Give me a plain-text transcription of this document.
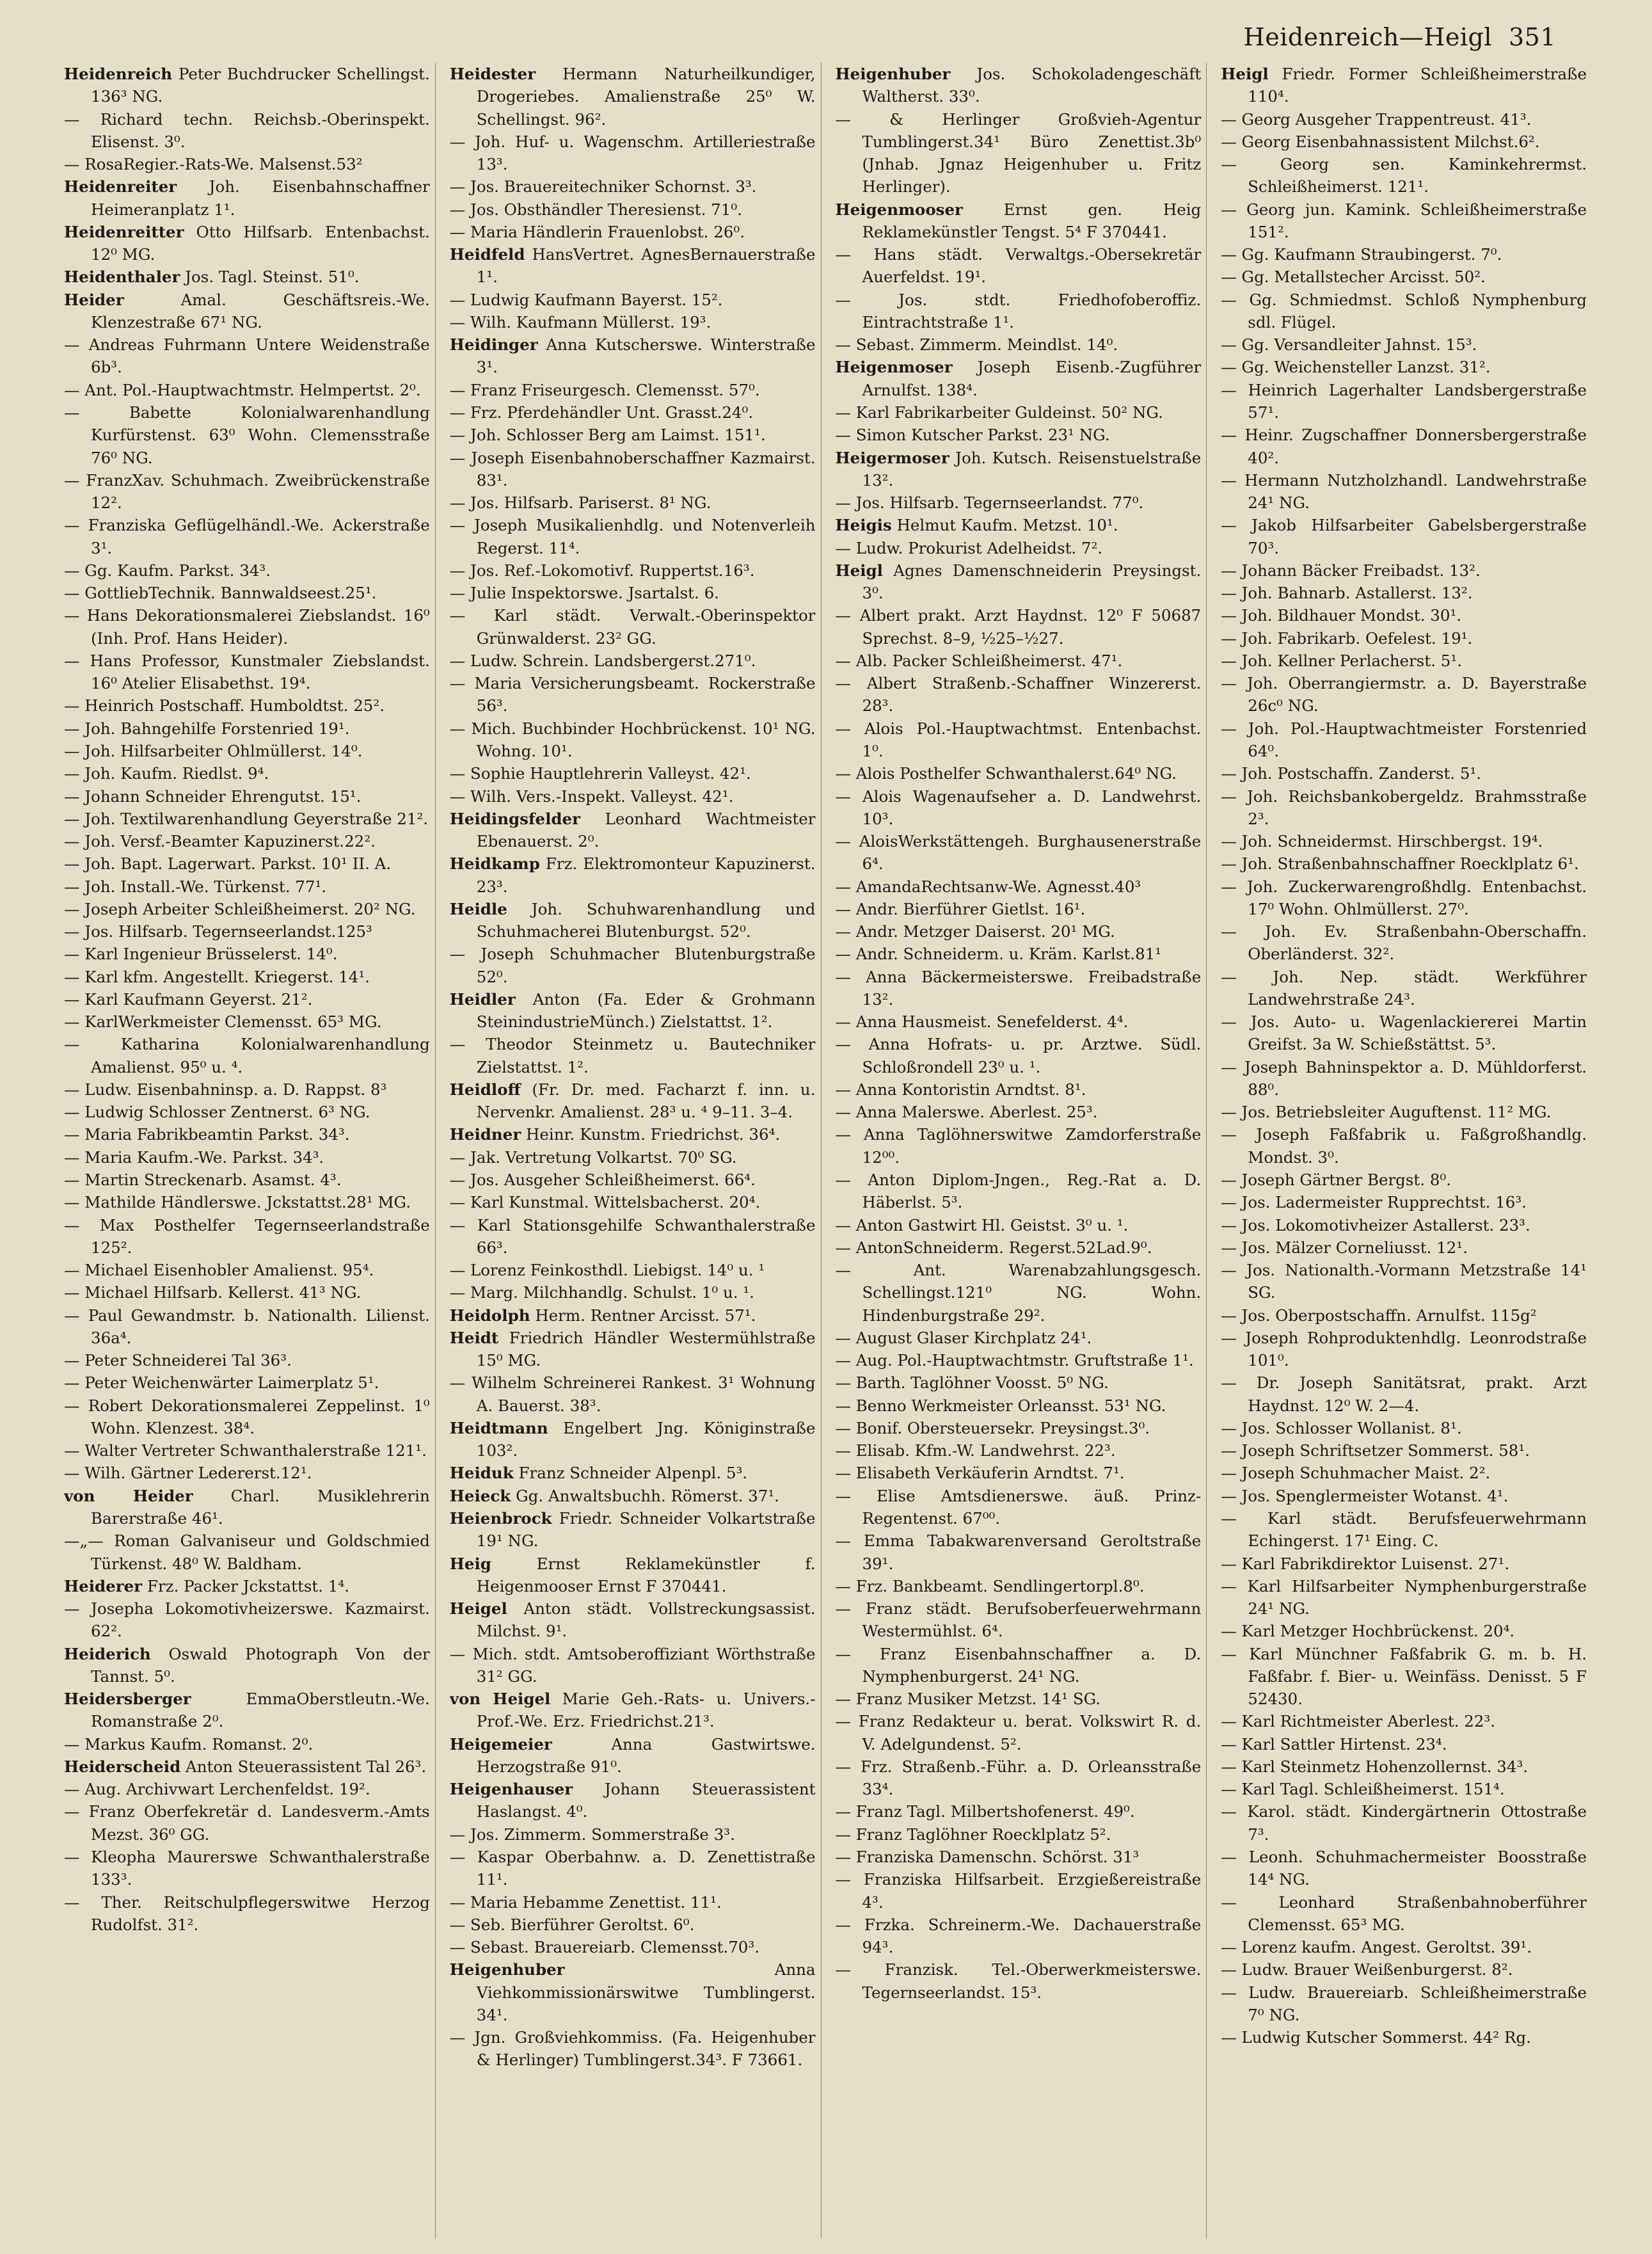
Heidenreich—Heigl 351

Heidenreich Peter Buchdrucker Schellingst. 136³ NG.

— Richard techn. Reichsb.-Oberinspekt. Elisenst. 3⁰.

— RosaRegier.-Rats-We. Malsenst.53²

Heidenreiter Joh. Eisenbahnschaffner Heimeranplatz 1¹.

Heidenreitter Otto Hilfsarb. Entenbachst. 12⁰ MG.

Heidenthaler Jos. Tagl. Steinst. 51⁰.

Heider Amal. Geschäftsreis.-We. Klenzestraße 67¹ NG.

— Andreas Fuhrmann Untere Weidenstraße 6b³.

— Ant. Pol.-Hauptwachtmstr. Helmpertst. 2⁰.

— Babette Kolonialwarenhandlung Kurfürstenst. 63⁰ Wohn. Clemensstraße 76⁰ NG.

— FranzXav. Schuhmach. Zweibrückenstraße 12².

— Franziska Geflügelhändl.-We. Ackerstraße 3¹.

— Gg. Kaufm. Parkst. 34³.

— GottliebTechnik. Bannwaldseest.25¹.

— Hans Dekorationsmalerei Ziebslandst. 16⁰ (Inh. Prof. Hans Heider).

— Hans Professor, Kunstmaler Ziebslandst. 16⁰ Atelier Elisabethst. 19⁴.

— Heinrich Postschaff. Humboldtst. 25².

— Joh. Bahngehilfe Forstenried 19¹.

— Joh. Hilfsarbeiter Ohlmüllerst. 14⁰.

— Joh. Kaufm. Riedlst. 9⁴.

— Johann Schneider Ehrengutst. 15¹.

— Joh. Textilwarenhandlung Geyerstraße 21².

— Joh. Versf.-Beamter Kapuzinerst.22².

— Joh. Bapt. Lagerwart. Parkst. 10¹ II. A.

— Joh. Install.-We. Türkenst. 77¹.

— Joseph Arbeiter Schleißheimerst. 20² NG.

— Jos. Hilfsarb. Tegernseerlandst.125³

— Karl Ingenieur Brüsselerst. 14⁰.

— Karl kfm. Angestellt. Kriegerst. 14¹.

— Karl Kaufmann Geyerst. 21².

— KarlWerkmeister Clemensst. 65³ MG.

— Katharina Kolonialwarenhandlung Amalienst. 95⁰ u. ⁴.

— Ludw. Eisenbahninsp. a. D. Rappst. 8³

— Ludwig Schlosser Zentnerst. 6³ NG.

— Maria Fabrikbeamtin Parkst. 34³.

— Maria Kaufm.-We. Parkst. 34³.

— Martin Streckenarb. Asamst. 4³.

— Mathilde Händlerswe. Jckstattst.28¹ MG.

— Max Posthelfer Tegernseerlandstraße 125².

— Michael Eisenhobler Amalienst. 95⁴.

— Michael Hilfsarb. Kellerst. 41³ NG.

— Paul Gewandmstr. b. Nationalth. Lilienst. 36a⁴.

— Peter Schneiderei Tal 36³.

— Peter Weichenwärter Laimerplatz 5¹.

— Robert Dekorationsmalerei Zeppelinst. 1⁰ Wohn. Klenzest. 38⁴.

— Walter Vertreter Schwanthalerstraße 121¹.

— Wilh. Gärtner Ledererst.12¹.

von Heider Charl. Musiklehrerin Barerstraße 46¹.

—„— Roman Galvaniseur und Goldschmied Türkenst. 48⁰ W. Baldham.

Heiderer Frz. Packer Jckstattst. 1⁴.

— Josepha Lokomotivheizerswe. Kazmairst. 62².

Heiderich Oswald Photograph Von der Tannst. 5⁰.

Heidersberger EmmaOberstleutn.-We. Romanstraße 2⁰.

— Markus Kaufm. Romanst. 2⁰.

Heiderscheid Anton Steuerassistent Tal 26³.

— Aug. Archivwart Lerchenfeldst. 19².

— Franz Oberfekretär d. Landesverm.-Amts Mezst. 36⁰ GG.

— Kleopha Maurerswe Schwanthalerstraße 133³.

— Ther. Reitschulpflegerswitwe Herzog Rudolfst. 31².

Heidester Hermann Naturheilkundiger, Drogeriebes. Amalienstraße 25⁰ W. Schellingst. 96².

— Joh. Huf- u. Wagenschm. Artilleriestraße 13³.

— Jos. Brauereitechniker Schornst. 3³.

— Jos. Obsthändler Theresienst. 71⁰.

— Maria Händlerin Frauenlobst. 26⁰.

Heidfeld HansVertret. AgnesBernauerstraße 1¹.

— Ludwig Kaufmann Bayerst. 15².

— Wilh. Kaufmann Müllerst. 19³.

Heidinger Anna Kutscherswe. Winterstraße 3¹.

— Franz Friseurgesch. Clemensst. 57⁰.

— Frz. Pferdehändler Unt. Grasst.24⁰.

— Joh. Schlosser Berg am Laimst. 151¹.

— Joseph Eisenbahnoberschaffner Kazmairst. 83¹.

— Jos. Hilfsarb. Pariserst. 8¹ NG.

— Joseph Musikalienhdlg. und Notenverleih Regerst. 11⁴.

— Jos. Ref.-Lokomotivf. Ruppertst.16³.

— Julie Inspektorswe. Jsartalst. 6.

— Karl städt. Verwalt.-Oberinspektor Grünwalderst. 23² GG.

— Ludw. Schrein. Landsbergerst.271⁰.

— Maria Versicherungsbeamt. Rockerstraße 56³.

— Mich. Buchbinder Hochbrückenst. 10¹ NG. Wohng. 10¹.

— Sophie Hauptlehrerin Valleyst. 42¹.

— Wilh. Vers.-Inspekt. Valleyst. 42¹.

Heidingsfelder Leonhard Wachtmeister Ebenauerst. 2⁰.

Heidkamp Frz. Elektromonteur Kapuzinerst. 23³.

Heidle Joh. Schuhwarenhandlung und Schuhmacherei Blutenburgst. 52⁰.

— Joseph Schuhmacher Blutenburgstraße 52⁰.

Heidler Anton (Fa. Eder & Grohmann SteinindustrieMünch.) Zielstattst. 1².

— Theodor Steinmetz u. Bautechniker Zielstattst. 1².

Heidloff (Fr. Dr. med. Facharzt f. inn. u. Nervenkr. Amalienst. 28³ u. ⁴ 9–11. 3–4.

Heidner Heinr. Kunstm. Friedrichst. 36⁴.

— Jak. Vertretung Volkartst. 70⁰ SG.

— Jos. Ausgeher Schleißheimerst. 66⁴.

— Karl Kunstmal. Wittelsbacherst. 20⁴.

— Karl Stationsgehilfe Schwanthalerstraße 66³.

— Lorenz Feinkosthdl. Liebigst. 14⁰ u. ¹

— Marg. Milchhandlg. Schulst. 1⁰ u. ¹.

Heidolph Herm. Rentner Arcisst. 57¹.

Heidt Friedrich Händler Westermühlstraße 15⁰ MG.

— Wilhelm Schreinerei Rankest. 3¹ Wohnung A. Bauerst. 38³.

Heidtmann Engelbert Jng. Königinstraße 103².

Heiduk Franz Schneider Alpenpl. 5³.

Heieck Gg. Anwaltsbuchh. Römerst. 37¹.

Heienbrock Friedr. Schneider Volkartstraße 19¹ NG.

Heig Ernst Reklamekünstler f. Heigenmooser Ernst F 370441.

Heigel Anton städt. Vollstreckungsassist. Milchst. 9¹.

— Mich. stdt. Amtsoberoffiziant Wörthstraße 31² GG.

von Heigel Marie Geh.-Rats- u. Univers.-Prof.-We. Erz. Friedrichst.21³.

Heigemeier Anna Gastwirtswe. Herzogstraße 91⁰.

Heigenhauser Johann Steuerassistent Haslangst. 4⁰.

— Jos. Zimmerm. Sommerstraße 3³.

— Kaspar Oberbahnw. a. D. Zenettistraße 11¹.

— Maria Hebamme Zenettist. 11¹.

— Seb. Bierführer Geroltst. 6⁰.

— Sebast. Brauereiarb. Clemensst.70³.

Heigenhuber Anna Viehkommissionärswitwe Tumblingerst. 34¹.

— Jgn. Großviehkommiss. (Fa. Heigenhuber & Herlinger) Tumblingerst.34³. F 73661.

Heigenhuber Jos. Schokoladengeschäft Waltherst. 33⁰.

— & Herlinger Großvieh-Agentur Tumblingerst.34¹ Büro Zenettist.3b⁰ (Jnhab. Jgnaz Heigenhuber u. Fritz Herlinger).

Heigenmooser Ernst gen. Heig Reklamekünstler Tengst. 5⁴ F 370441.

— Hans städt. Verwaltgs.-Obersekretär Auerfeldst. 19¹.

— Jos. stdt. Friedhofoberoffiz. Eintrachtstraße 1¹.

— Sebast. Zimmerm. Meindlst. 14⁰.

Heigenmoser Joseph Eisenb.-Zugführer Arnulfst. 138⁴.

— Karl Fabrikarbeiter Guldeinst. 50² NG.

— Simon Kutscher Parkst. 23¹ NG.

Heigermoser Joh. Kutsch. Reisenstuelstraße 13².

— Jos. Hilfsarb. Tegernseerlandst. 77⁰.

Heigis Helmut Kaufm. Metzst. 10¹.

— Ludw. Prokurist Adelheidst. 7².

Heigl Agnes Damenschneiderin Preysingst. 3⁰.

— Albert prakt. Arzt Haydnst. 12⁰ F 50687 Sprechst. 8–9, ½25–½27.

— Alb. Packer Schleißheimerst. 47¹.

— Albert Straßenb.-Schaffner Winzererst. 28³.

— Alois Pol.-Hauptwachtmst. Entenbachst. 1⁰.

— Alois Posthelfer Schwanthalerst.64⁰ NG.

— Alois Wagenaufseher a. D. Landwehrst. 10³.

— AloisWerkstättengeh. Burghausenerstraße 6⁴.

— AmandaRechtsanw-We. Agnesst.40³

— Andr. Bierführer Gietlst. 16¹.

— Andr. Metzger Daiserst. 20¹ MG.

— Andr. Schneiderm. u. Kräm. Karlst.81¹

— Anna Bäckermeisterswe. Freibadstraße 13².

— Anna Hausmeist. Senefelderst. 4⁴.

— Anna Hofrats- u. pr. Arztwe. Südl. Schloßrondell 23⁰ u. ¹.

— Anna Kontoristin Arndtst. 8¹.

— Anna Malerswe. Aberlest. 25³.

— Anna Taglöhnerswitwe Zamdorferstraße 12⁰⁰.

— Anton Diplom-Jngen., Reg.-Rat a. D. Häberlst. 5³.

— Anton Gastwirt Hl. Geistst. 3⁰ u. ¹.

— AntonSchneiderm. Regerst.52Lad.9⁰.

— Ant. Warenabzahlungsgesch. Schellingst.121⁰ NG. Wohn. Hindenburgstraße 29².

— August Glaser Kirchplatz 24¹.

— Aug. Pol.-Hauptwachtmstr. Gruftstraße 1¹.

— Barth. Taglöhner Voosst. 5⁰ NG.

— Benno Werkmeister Orleansst. 53¹ NG.

— Bonif. Obersteuersekr. Preysingst.3⁰.

— Elisab. Kfm.-W. Landwehrst. 22³.

— Elisabeth Verkäuferin Arndtst. 7¹.

— Elise Amtsdienerswe. äuß. Prinz-Regentenst. 67⁰⁰.

— Emma Tabakwarenversand Geroltstraße 39¹.

— Frz. Bankbeamt. Sendlingertorpl.8⁰.

— Franz städt. Berufsoberfeuerwehrmann Westermühlst. 6⁴.

— Franz Eisenbahnschaffner a. D. Nymphenburgerst. 24¹ NG.

— Franz Musiker Metzst. 14¹ SG.

— Franz Redakteur u. berat. Volkswirt R. d. V. Adelgundenst. 5².

— Frz. Straßenb.-Führ. a. D. Orleansstraße 33⁴.

— Franz Tagl. Milbertshofenerst. 49⁰.

— Franz Taglöhner Roecklplatz 5².

— Franziska Damenschn. Schörst. 31³

— Franziska Hilfsarbeit. Erzgießereistraße 4³.

— Frzka. Schreinerm.-We. Dachauerstraße 94³.

— Franzisk. Tel.-Oberwerkmeisterswe. Tegernseerlandst. 15³.

Heigl Friedr. Former Schleißheimerstraße 110⁴.

— Georg Ausgeher Trappentreust. 41³.

— Georg Eisenbahnassistent Milchst.6².

— Georg sen. Kaminkehrermst. Schleißheimerst. 121¹.

— Georg jun. Kamink. Schleißheimerstraße 151².

— Gg. Kaufmann Straubingerst. 7⁰.

— Gg. Metallstecher Arcisst. 50².

— Gg. Schmiedmst. Schloß Nymphenburg sdl. Flügel.

— Gg. Versandleiter Jahnst. 15³.

— Gg. Weichensteller Lanzst. 31².

— Heinrich Lagerhalter Landsbergerstraße 57¹.

— Heinr. Zugschaffner Donnersbergerstraße 40².

— Hermann Nutzholzhandl. Landwehrstraße 24¹ NG.

— Jakob Hilfsarbeiter Gabelsbergerstraße 70³.

— Johann Bäcker Freibadst. 13².

— Joh. Bahnarb. Astallerst. 13².

— Joh. Bildhauer Mondst. 30¹.

— Joh. Fabrikarb. Oefelest. 19¹.

— Joh. Kellner Perlacherst. 5¹.

— Joh. Oberrangiermstr. a. D. Bayerstraße 26c⁰ NG.

— Joh. Pol.-Hauptwachtmeister Forstenried 64⁰.

— Joh. Postschaffn. Zanderst. 5¹.

— Joh. Reichsbankobergeldz. Brahmsstraße 2³.

— Joh. Schneidermst. Hirschbergst. 19⁴.

— Joh. Straßenbahnschaffner Roecklplatz 6¹.

— Joh. Zuckerwarengroßhdlg. Entenbachst. 17⁰ Wohn. Ohlmüllerst. 27⁰.

— Joh. Ev. Straßenbahn-Oberschaffn. Oberländerst. 32².

— Joh. Nep. städt. Werkführer Landwehrstraße 24³.

— Jos. Auto- u. Wagenlackiererei Martin Greifst. 3a W. Schießstättst. 5³.

— Joseph Bahninspektor a. D. Mühldorferst. 88⁰.

— Jos. Betriebsleiter Auguftenst. 11² MG.

— Joseph Faßfabrik u. Faßgroßhandlg. Mondst. 3⁰.

— Joseph Gärtner Bergst. 8⁰.

— Jos. Ladermeister Rupprechtst. 16³.

— Jos. Lokomotivheizer Astallerst. 23³.

— Jos. Mälzer Corneliusst. 12¹.

— Jos. Nationalth.-Vormann Metzstraße 14¹ SG.

— Jos. Oberpostschaffn. Arnulfst. 115g²

— Joseph Rohproduktenhdlg. Leonrodstraße 101⁰.

— Dr. Joseph Sanitätsrat, prakt. Arzt Haydnst. 12⁰ W. 2—4.

— Jos. Schlosser Wollanist. 8¹.

— Joseph Schriftsetzer Sommerst. 58¹.

— Joseph Schuhmacher Maist. 2².

— Jos. Spenglermeister Wotanst. 4¹.

— Karl städt. Berufsfeuerwehrmann Echingerst. 17¹ Eing. C.

— Karl Fabrikdirektor Luisenst. 27¹.

— Karl Hilfsarbeiter Nymphenburgerstraße 24¹ NG.

— Karl Metzger Hochbrückenst. 20⁴.

— Karl Münchner Faßfabrik G. m. b. H. Faßfabr. f. Bier- u. Weinfäss. Denisst. 5 F 52430.

— Karl Richtmeister Aberlest. 22³.

— Karl Sattler Hirtenst. 23⁴.

— Karl Steinmetz Hohenzollernst. 34³.

— Karl Tagl. Schleißheimerst. 151⁴.

— Karol. städt. Kindergärtnerin Ottostraße 7³.

— Leonh. Schuhmachermeister Boosstraße 14⁴ NG.

— Leonhard Straßenbahnoberführer Clemensst. 65³ MG.

— Lorenz kaufm. Angest. Geroltst. 39¹.

— Ludw. Brauer Weißenburgerst. 8².

— Ludw. Brauereiarb. Schleißheimerstraße 7⁰ NG.

— Ludwig Kutscher Sommerst. 44² Rg.
